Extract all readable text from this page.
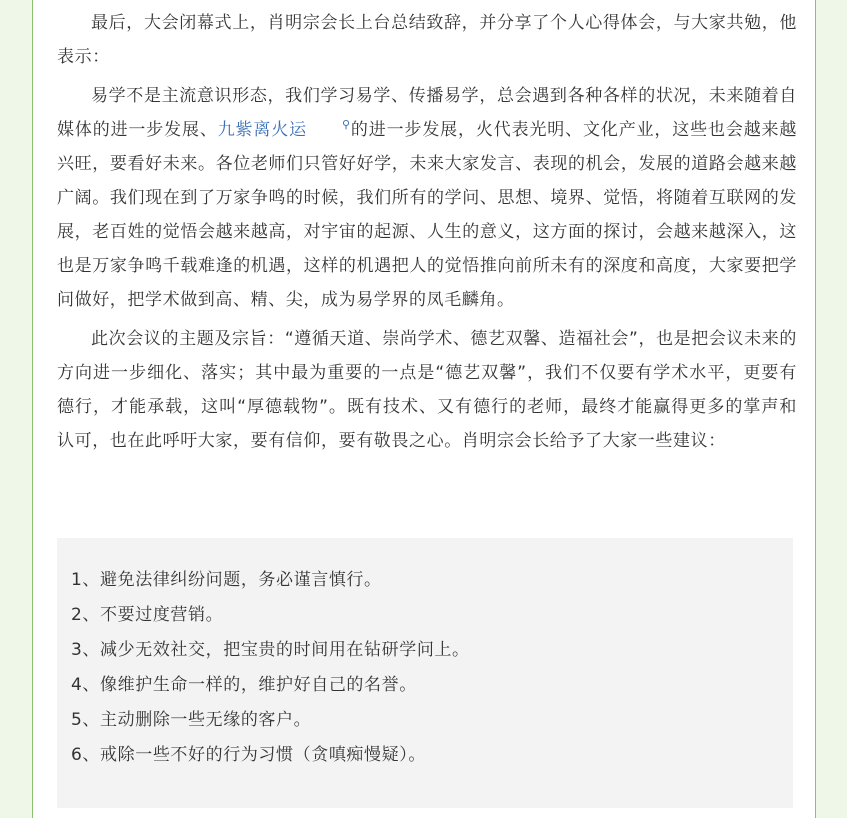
最后，大会闭幕式上，肖明宗会长上台总结致辞，并分享了个人心得体会，与大家共勉，他表示：

易学不是主流意识形态，我们学习易学、传播易学，总会遇到各种各样的状况，未来随着自媒体的进一步发展、九紫离火运	⚲的进一步发展，火代表光明、文化产业，这些也会越来越兴旺，要看好未来。各位老师们只管好好学，未来大家发言、表现的机会，发展的道路会越来越广阔。我们现在到了万家争鸣的时候，我们所有的学问、思想、境界、觉悟，将随着互联网的发展，老百姓的觉悟会越来越高，对宇宙的起源、人生的意义，这方面的探讨，会越来越深入，这也是万家争鸣千载难逢的机遇，这样的机遇把人的觉悟推向前所未有的深度和高度，大家要把学问做好，把学术做到高、精、尖，成为易学界的凤毛麟角。

此次会议的主题及宗旨：“遵循天道、崇尚学术、德艺双馨、造福社会”，也是把会议未来的方向进一步细化、落实；其中最为重要的一点是“德艺双馨”，我们不仅要有学术水平，更要有德行，才能承载，这叫“厚德载物”。既有技术、又有德行的老师，最终才能赢得更多的掌声和认可，也在此呼吁大家，要有信仰，要有敬畏之心。肖明宗会长给予了大家一些建议：

1、避免法律纠纷问题，务必谨言慎行。

2、不要过度营销。

3、减少无效社交，把宝贵的时间用在钻研学问上。

4、像维护生命一样的，维护好自己的名誉。

5、主动删除一些无缘的客户。

6、戒除一些不好的行为习惯（贪嗔痴慢疑）。
